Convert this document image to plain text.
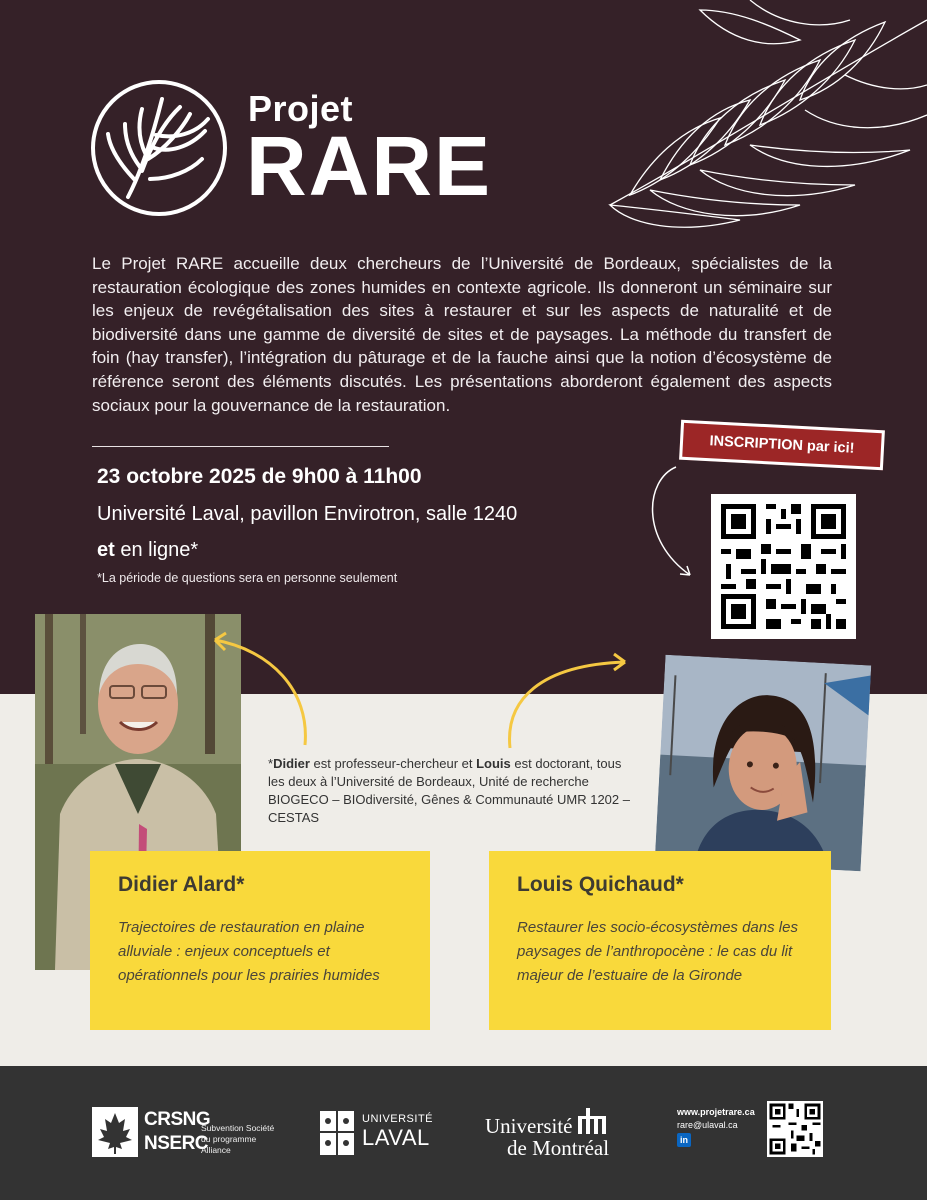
Projet
RARE
Le Projet RARE accueille deux chercheurs de l’Université de Bordeaux, spécialistes de la restauration écologique des zones humides en contexte agricole. Ils donneront un séminaire sur les enjeux de revégétalisation des sites à restaurer et sur les aspects de naturalité et de biodiversité dans une gamme de diversité de sites et de paysages. La méthode du transfert de foin (hay transfer), l’intégration du pâturage et de la fauche ainsi que la notion d’écosystème de référence seront des éléments discutés. Les présentations aborderont également des aspects sociaux pour la gouvernance de la restauration.
23 octobre 2025 de 9h00 à 11h00
Université Laval, pavillon Envirotron, salle 1240
et en ligne*
*La période de questions sera en personne seulement
INSCRIPTION par ici!
*Didier est professeur-chercheur et Louis est doctorant, tous les deux à l’Université de Bordeaux, Unité de recherche BIOGECO – BIOdiversité, Gênes & Communauté UMR 1202 – CESTAS
Didier Alard*
Trajectoires de restauration en plaine alluviale : enjeux conceptuels et opérationnels pour les prairies humides
Louis Quichaud*
Restaurer les socio-écosystèmes dans les paysages de l’anthropocène : le cas du lit majeur de l’estuaire de la Gironde
CRSNG
NSERC
Subvention Société du programme Alliance
UNIVERSITÉ
LAVAL	Université
de Montréal
www.projetrare.ca
rare@ulaval.ca
in
